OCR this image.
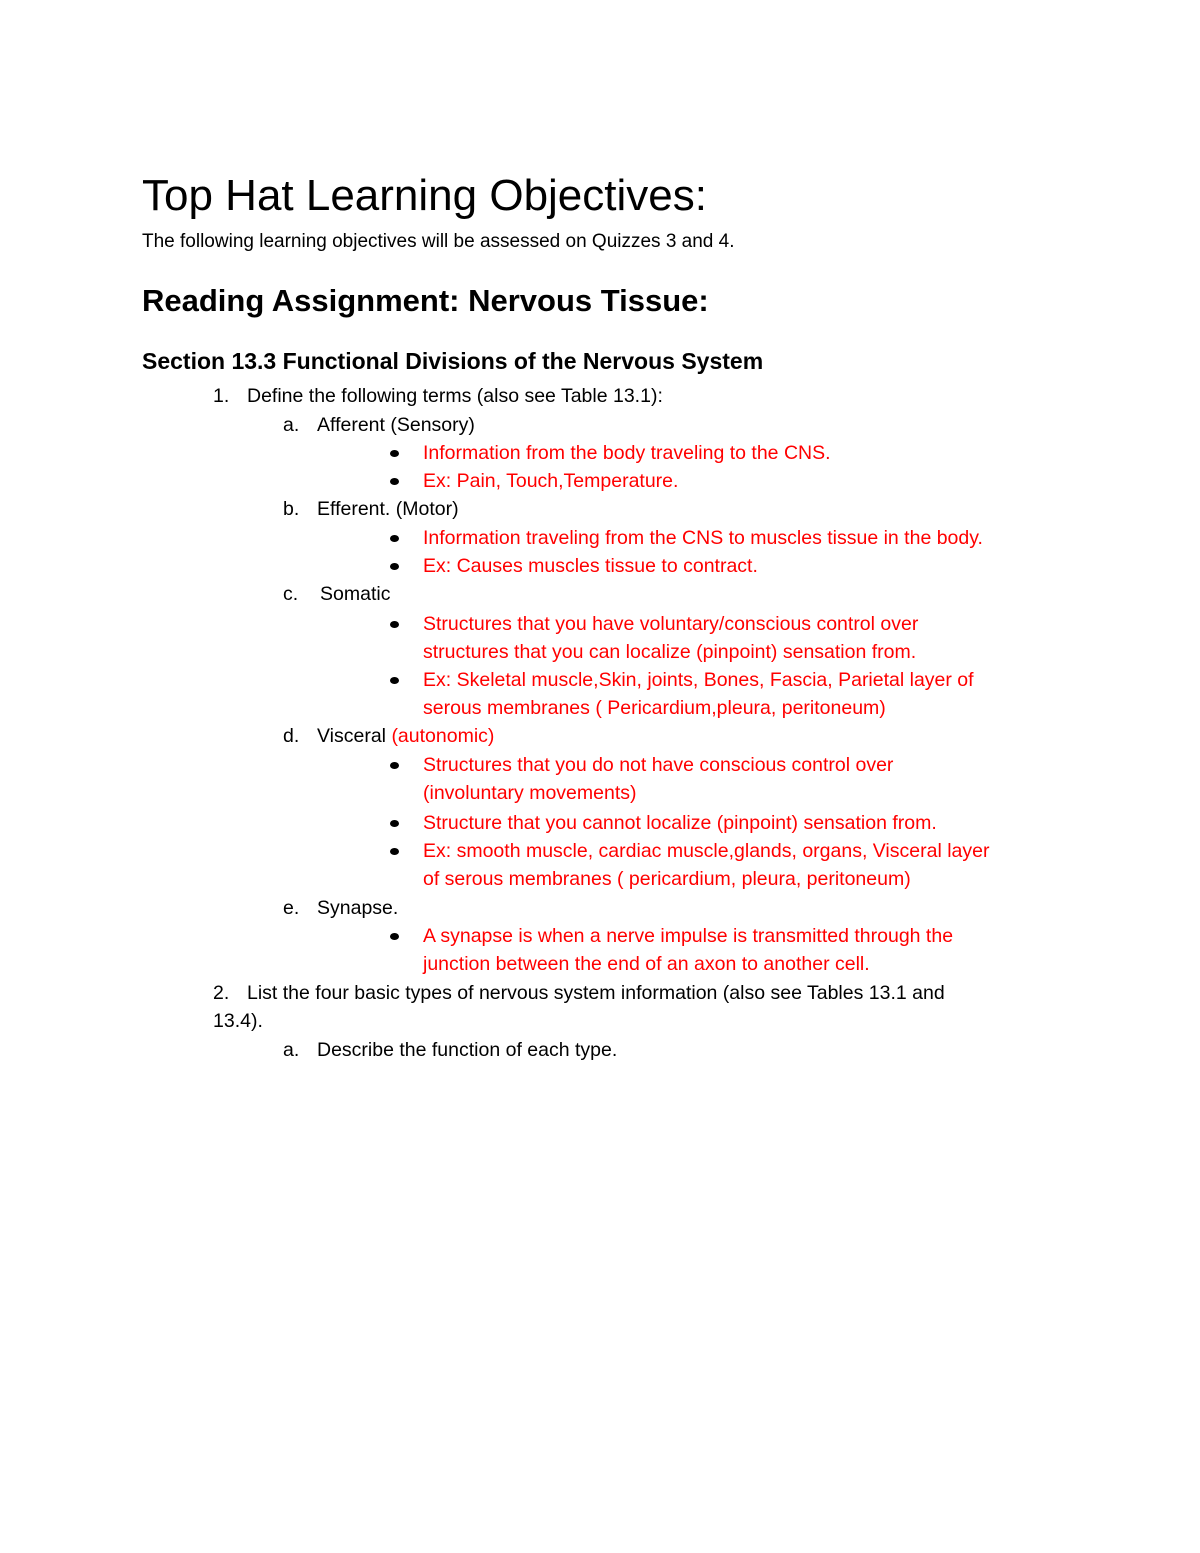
Top Hat Learning Objectives:

The following learning objectives will be assessed on Quizzes 3 and 4.

Reading Assignment: Nervous Tissue:
Section 13.3 Functional Divisions of the Nervous System
1. Define the following terms (also see Table 13.1):
a. Afferent (Sensory)
Information from the body traveling to the CNS.
Ex: Pain, Touch,Temperature.
b. Efferent. (Motor)
Information traveling from the CNS to muscles tissue in the body.
Ex: Causes muscles tissue to contract.
c. Somatic
Structures that you have voluntary/conscious control over
structures that you can localize (pinpoint) sensation from.
Ex: Skeletal muscle,Skin, joints, Bones, Fascia, Parietal layer of
serous membranes ( Pericardium,pleura, peritoneum)
d. Visceral (autonomic)
Structures that you do not have conscious control over
(involuntary movements)
Structure that you cannot localize (pinpoint) sensation from.
Ex: smooth muscle, cardiac muscle,glands, organs, Visceral layer
of serous membranes ( pericardium, pleura, peritoneum)
e. Synapse.
A synapse is when a nerve impulse is transmitted through the
junction between the end of an axon to another cell.
2. List the four basic types of nervous system information (also see Tables 13.1 and
13.4).
a. Describe the function of each type.
